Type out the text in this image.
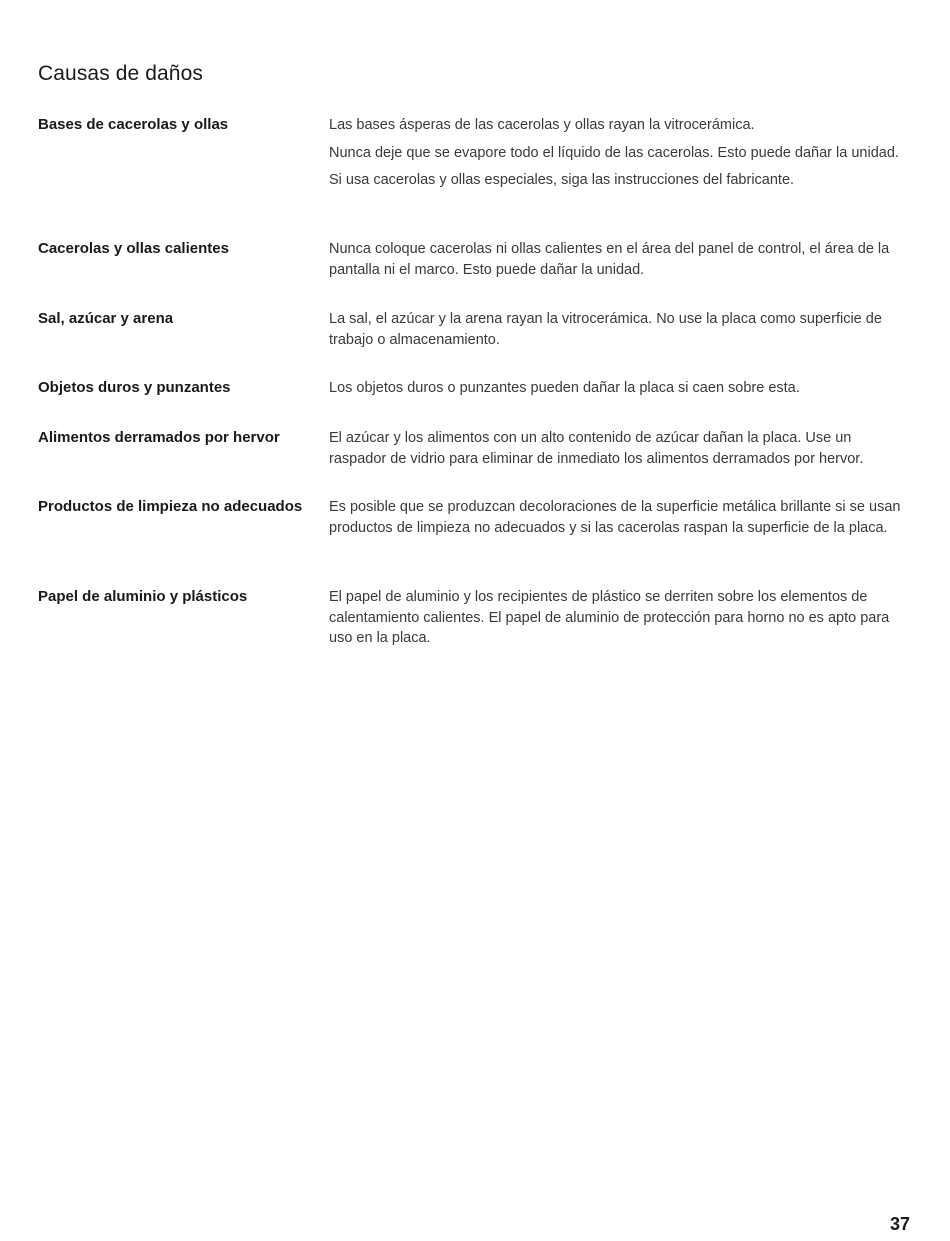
Causas de daños
Bases de cacerolas y ollas	Las bases ásperas de las cacerolas y ollas rayan la vitrocerámica.

Nunca deje que se evapore todo el líquido de las cacerolas. Esto puede dañar la unidad.

Si usa cacerolas y ollas especiales, siga las instrucciones del fabricante.

Cacerolas y ollas calientes	Nunca coloque cacerolas ni ollas calientes en el área del panel de control, el área de la pantalla ni el marco. Esto puede dañar la unidad.

Sal, azúcar y arena	La sal, el azúcar y la arena rayan la vitrocerámica. No use la placa como superficie de trabajo o almacenamiento.

Objetos duros y punzantes	Los objetos duros o punzantes pueden dañar la placa si caen sobre esta.

Alimentos derramados por hervor	El azúcar y los alimentos con un alto contenido de azúcar dañan la placa. Use un raspador de vidrio para eliminar de inmediato los alimentos derramados por hervor.

Productos de limpieza no adecuados	Es posible que se produzcan decoloraciones de la superficie metálica brillante si se usan productos de limpieza no adecuados y si las cacerolas raspan la superficie de la placa.

Papel de aluminio y plásticos	El papel de aluminio y los recipientes de plástico se derriten sobre los elementos de calentamiento calientes. El papel de aluminio de protección para horno no es apto para uso en la placa.

37
